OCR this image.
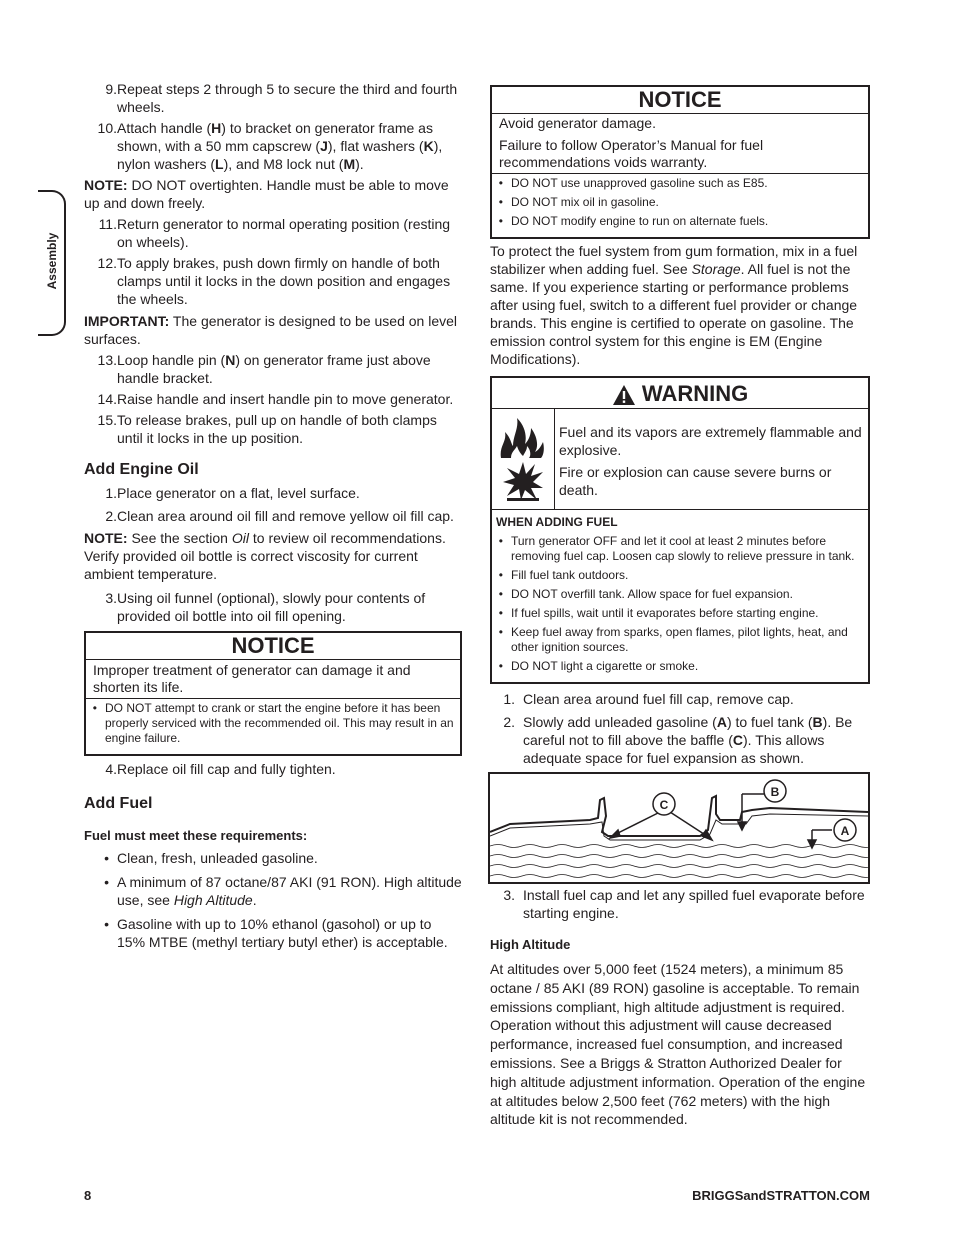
Assembly
9. Repeat steps 2 through 5 to secure the third and fourth wheels.
10. Attach handle (H) to bracket on generator frame as shown, with a 50 mm capscrew (J), flat washers (K), nylon washers (L), and M8 lock nut (M).

NOTE: DO NOT overtighten. Handle must be able to move up and down freely.

11. Return generator to normal operating position (resting on wheels).
12. To apply brakes, push down firmly on handle of both clamps until it locks in the down position and engages the wheels.

IMPORTANT: The generator is designed to be used on level surfaces.

13. Loop handle pin (N) on generator frame just above handle bracket.
14. Raise handle and insert handle pin to move generator.
15. To release brakes, pull up on handle of both clamps until it locks in the up position.
Add Engine Oil
1. Place generator on a flat, level surface.
2. Clean area around oil fill and remove yellow oil fill cap.

NOTE: See the section Oil to review oil recommendations. Verify provided oil bottle is correct viscosity for current ambient temperature.

3. Using oil funnel (optional), slowly pour contents of provided oil bottle into oil fill opening.
NOTICE
Improper treatment of generator can damage it and shorten its life.
• DO NOT attempt to crank or start the engine before it has been properly serviced with the recommended oil. This may result in an engine failure.
4. Replace oil fill cap and fully tighten.
Add Fuel

Fuel must meet these requirements:

• Clean, fresh, unleaded gasoline.
• A minimum of 87 octane/87 AKI (91 RON). High altitude use, see High Altitude.
• Gasoline with up to 10% ethanol (gasohol) or up to 15% MTBE (methyl tertiary butyl ether) is acceptable.
NOTICE
Avoid generator damage.
Failure to follow Operator’s Manual for fuel recommendations voids warranty.
• DO NOT use unapproved gasoline such as E85.
• DO NOT mix oil in gasoline.
• DO NOT modify engine to run on alternate fuels.

To protect the fuel system from gum formation, mix in a fuel stabilizer when adding fuel. See Storage. All fuel is not the same. If you experience starting or performance problems after using fuel, switch to a different fuel provider or change brands. This engine is certified to operate on gasoline. The emission control system for this engine is EM (Engine Modifications).

WARNING

Fuel and its vapors are extremely flammable and explosive.

Fire or explosion can cause severe burns or death.

WHEN ADDING FUEL
• Turn generator OFF and let it cool at least 2 minutes before removing fuel cap. Loosen cap slowly to relieve pressure in tank.
• Fill fuel tank outdoors.
• DO NOT overfill tank. Allow space for fuel expansion.
• If fuel spills, wait until it evaporates before starting engine.
• Keep fuel away from sparks, open flames, pilot lights, heat, and other ignition sources.
• DO NOT light a cigarette or smoke.
1. Clean area around fuel fill cap, remove cap.
2. Slowly add unleaded gasoline (A) to fuel tank (B). Be careful not to fill above the baffle (C). This allows adequate space for fuel expansion as shown.
C
B
A
3. Install fuel cap and let any spilled fuel evaporate before starting engine.

High Altitude

At altitudes over 5,000 feet (1524 meters), a minimum 85 octane / 85 AKI (89 RON) gasoline is acceptable. To remain emissions compliant, high altitude adjustment is required. Operation without this adjustment will cause decreased performance, increased fuel consumption, and increased emissions. See a Briggs & Stratton Authorized Dealer for high altitude adjustment information. Operation of the engine at altitudes below 2,500 feet (762 meters) with the high altitude kit is not recommended.

8	BRIGGSandSTRATTON.COM
